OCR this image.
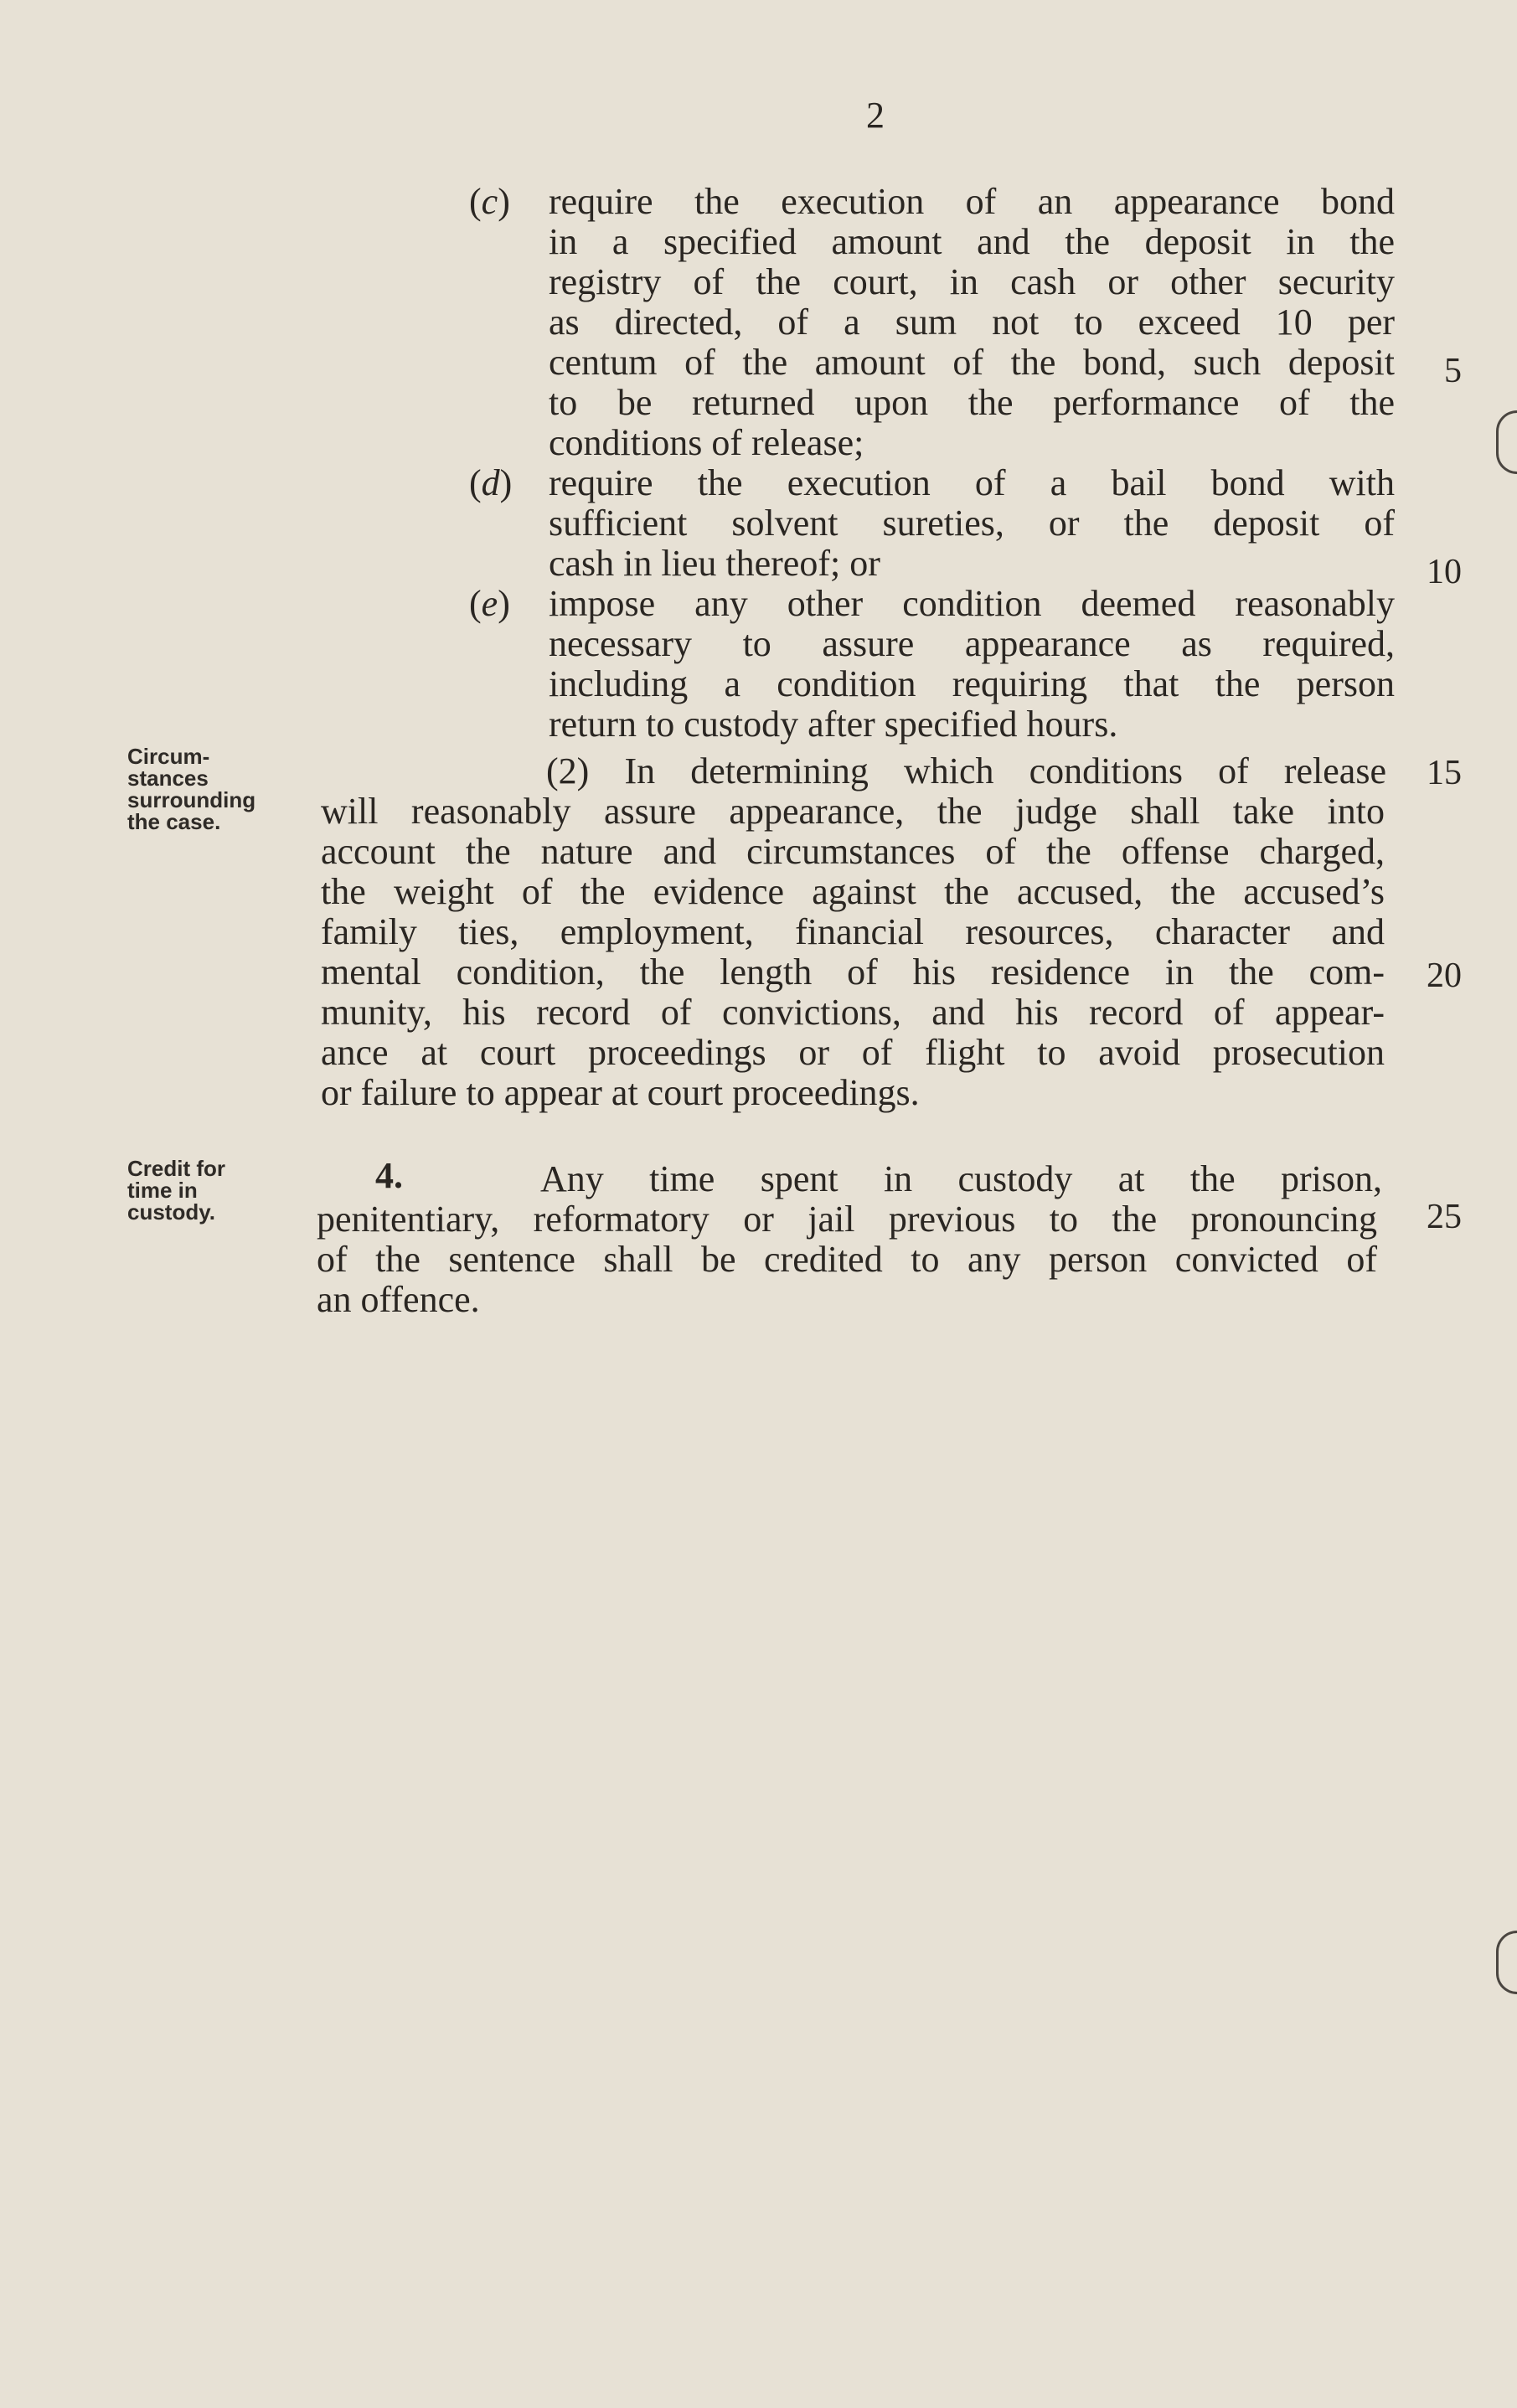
2
(c) require the execution of an appearance bond
in a specified amount and the deposit in the
registry of the court, in cash or other security
as directed, of a sum not to exceed 10 per
centum of the amount of the bond, such deposit
to be returned upon the performance of the
conditions of release;
(d) require the execution of a bail bond with
sufficient solvent sureties, or the deposit of
cash in lieu thereof; or
(e) impose any other condition deemed reasonably
necessary to assure appearance as required,
including a condition requiring that the person
return to custody after specified hours.
Circum-
stances
surrounding
the case.
(2) In determining which conditions of release
will reasonably assure appearance, the judge shall take into
account the nature and circumstances of the offense charged,
the weight of the evidence against the accused, the accused’s
family ties, employment, financial resources, character and
mental condition, the length of his residence in the com-
munity, his record of convictions, and his record of appear-
ance at court proceedings or of flight to avoid prosecution
or failure to appear at court proceedings.
Credit for
time in
custody.
4.	Any time spent in custody at the prison,
penitentiary, reformatory or jail previous to the pronouncing
of the sentence shall be credited to any person convicted of
an offence.
5
10
15
20
25
